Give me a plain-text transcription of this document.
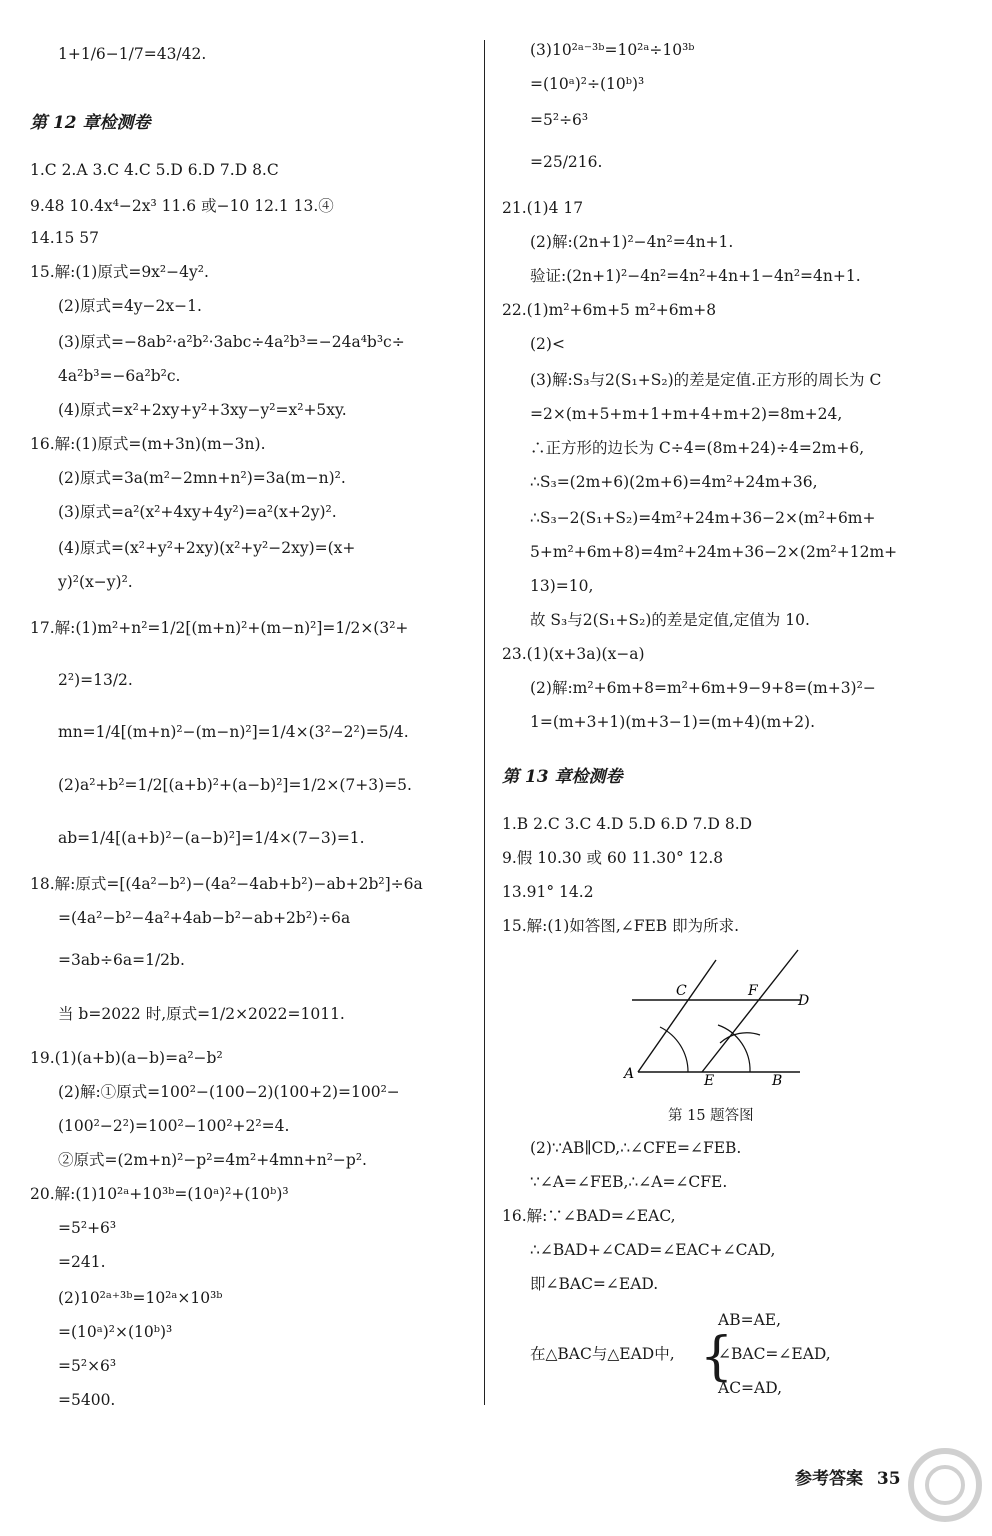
1+1/6−1/7=43/42.
第 12 章检测卷
1.C 2.A 3.C 4.C 5.D 6.D 7.D 8.C
9.48 10.4x⁴−2x³ 11.6 或−10 12.1 13.④
14.15 57
15.解:(1)原式=9x²−4y².
(2)原式=4y−2x−1.
(3)原式=−8ab²·a²b²·3abc÷4a²b³=−24a⁴b³c÷
4a²b³=−6a²b²c.
(4)原式=x²+2xy+y²+3xy−y²=x²+5xy.
16.解:(1)原式=(m+3n)(m−3n).
(2)原式=3a(m²−2mn+n²)=3a(m−n)².
(3)原式=a²(x²+4xy+4y²)=a²(x+2y)².
(4)原式=(x²+y²+2xy)(x²+y²−2xy)=(x+
y)²(x−y)².
17.解:(1)m²+n²=1/2[(m+n)²+(m−n)²]=1/2×(3²+
2²)=13/2.
mn=1/4[(m+n)²−(m−n)²]=1/4×(3²−2²)=5/4.
(2)a²+b²=1/2[(a+b)²+(a−b)²]=1/2×(7+3)=5.
ab=1/4[(a+b)²−(a−b)²]=1/4×(7−3)=1.
18.解:原式=[(4a²−b²)−(4a²−4ab+b²)−ab+2b²]÷6a
=(4a²−b²−4a²+4ab−b²−ab+2b²)÷6a
=3ab÷6a=1/2b.
当 b=2022 时,原式=1/2×2022=1011.
19.(1)(a+b)(a−b)=a²−b²
(2)解:①原式=100²−(100−2)(100+2)=100²−
(100²−2²)=100²−100²+2²=4.
②原式=(2m+n)²−p²=4m²+4mn+n²−p².
20.解:(1)10²ᵃ+10³ᵇ=(10ᵃ)²+(10ᵇ)³
=5²+6³
=241.
(2)10²ᵃ⁺³ᵇ=10²ᵃ×10³ᵇ
=(10ᵃ)²×(10ᵇ)³
=5²×6³
=5400.
(3)10²ᵃ⁻³ᵇ=10²ᵃ÷10³ᵇ
=(10ᵃ)²÷(10ᵇ)³
=5²÷6³
=25/216.
21.(1)4 17
(2)解:(2n+1)²−4n²=4n+1.
验证:(2n+1)²−4n²=4n²+4n+1−4n²=4n+1.
22.(1)m²+6m+5 m²+6m+8
(2)<
(3)解:S₃与2(S₁+S₂)的差是定值.正方形的周长为 C
=2×(m+5+m+1+m+4+m+2)=8m+24,
∴正方形的边长为 C÷4=(8m+24)÷4=2m+6,
∴S₃=(2m+6)(2m+6)=4m²+24m+36,
∴S₃−2(S₁+S₂)=4m²+24m+36−2×(m²+6m+
5+m²+6m+8)=4m²+24m+36−2×(2m²+12m+
13)=10,
故 S₃与2(S₁+S₂)的差是定值,定值为 10.
23.(1)(x+3a)(x−a)
(2)解:m²+6m+8=m²+6m+9−9+8=(m+3)²−
1=(m+3+1)(m+3−1)=(m+4)(m+2).
第 13 章检测卷
1.B 2.C 3.C 4.D 5.D 6.D 7.D 8.D
9.假 10.30 或 60 11.30° 12.8
13.91° 14.2
15.解:(1)如答图,∠FEB 即为所求.
(2)∵AB∥CD,∴∠CFE=∠FEB.
∵∠A=∠FEB,∴∠A=∠CFE.
16.解:∵∠BAD=∠EAC,
∴∠BAD+∠CAD=∠EAC+∠CAD,
即∠BAC=∠EAD.
在△BAC与△EAD中,
AB=AE,
∠BAC=∠EAD,
AC=AD,
{
C	F
D
A	E	B
第 15 题答图
参考答案 35
